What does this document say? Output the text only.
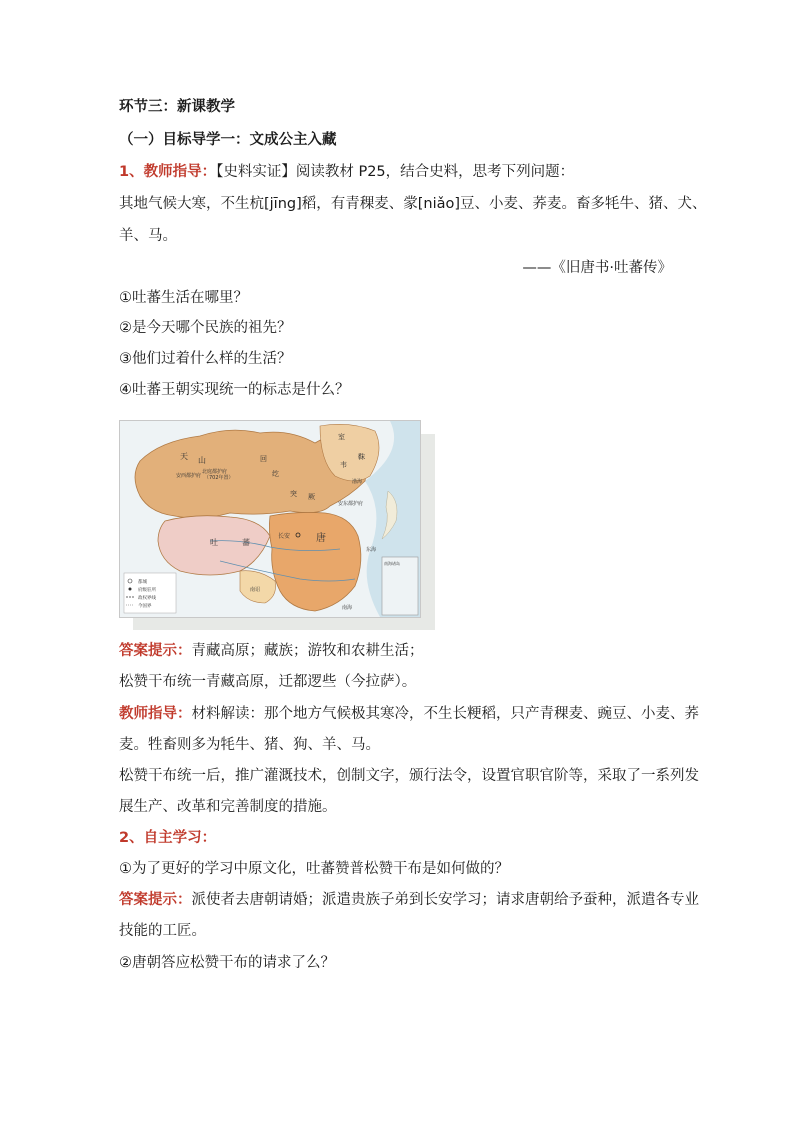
环节三：新课教学
（一）目标导学一：文成公主入藏
1、教师指导：【史料实证】阅读教材 P25，结合史料，思考下列问题：
其地气候大寒，不生杭[jīng]稻，有青稞麦、䝉[niǎo]豆、小麦、荞麦。畜多牦牛、猪、犬、
羊、马。
——《旧唐书·吐蕃传》
①吐蕃生活在哪里？
②是今天哪个民族的祖先？
③他们过着什么样的生活？
④吐蕃王朝实现统一的标志是什么？
室
韦
靺
回
纥
天 山
北庭都护府
（702年置）
安西都护府
突 厥
安东都护府
吐	蕃
长安	唐
南诏
渤海
东海
南海
都城
府级驻所
政权界线
今国界
南海诸岛
答案提示：青藏高原；藏族；游牧和农耕生活；
松赞干布统一青藏高原，迁都逻些（今拉萨）。
教师指导：材料解读：那个地方气候极其寒冷，不生长粳稻，只产青稞麦、豌豆、小麦、荞
麦。牲畜则多为牦牛、猪、狗、羊、马。
松赞干布统一后，推广灌溉技术，创制文字，颁行法令，设置官职官阶等，采取了一系列发
展生产、改革和完善制度的措施。
2、自主学习：
①为了更好的学习中原文化，吐蕃赞普松赞干布是如何做的？
答案提示：派使者去唐朝请婚；派遣贵族子弟到长安学习；请求唐朝给予蚕种，派遣各专业
技能的工匠。
②唐朝答应松赞干布的请求了么？
